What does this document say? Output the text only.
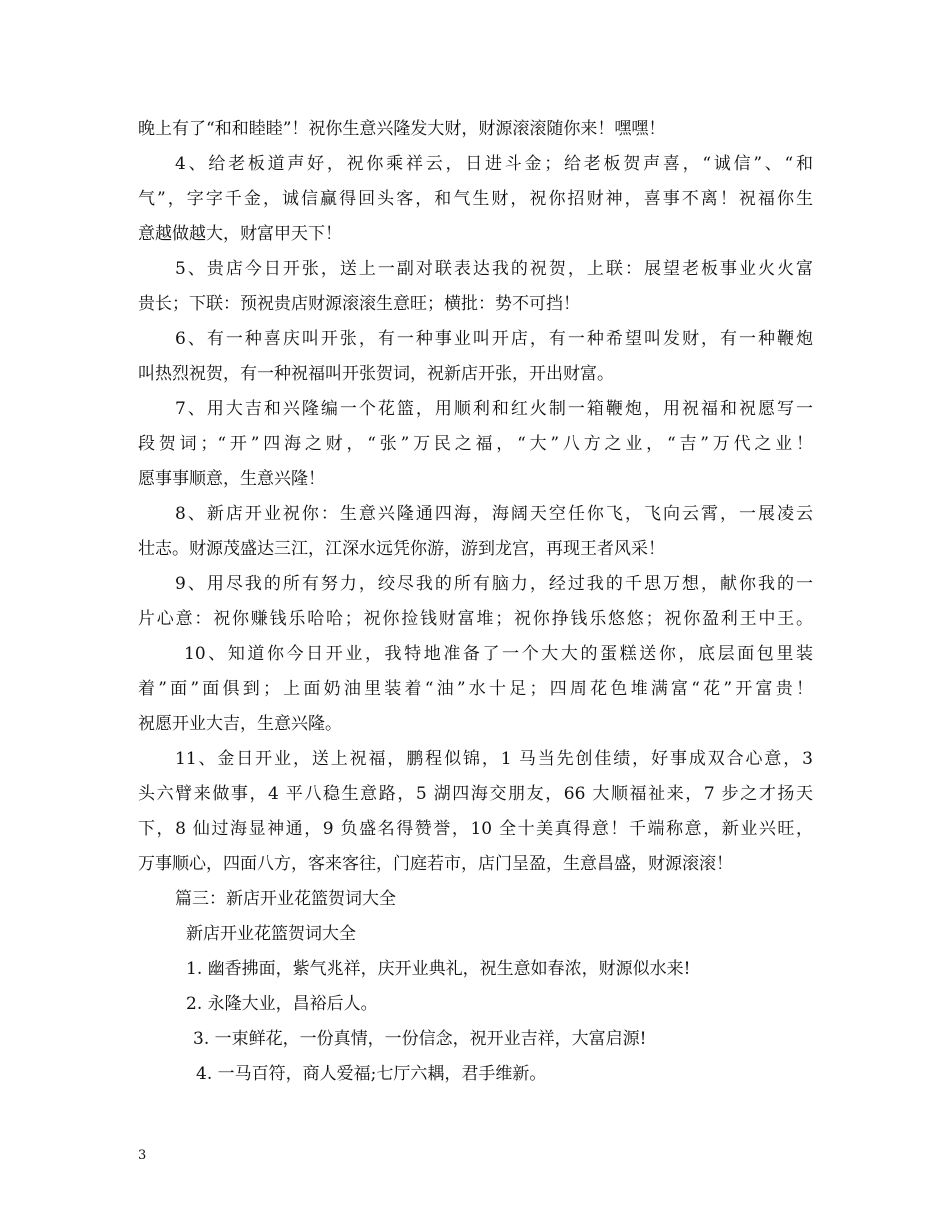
晚上有了“和和睦睦”！祝你生意兴隆发大财，财源滚滚随你来！嘿嘿！
4、给老板道声好，祝你乘祥云，日进斗金；给老板贺声喜，“诚信”、“和
气”，字字千金，诚信赢得回头客，和气生财，祝你招财神，喜事不离！祝福你生
意越做越大，财富甲天下！
5、贵店今日开张，送上一副对联表达我的祝贺，上联：展望老板事业火火富
贵长；下联：预祝贵店财源滚滚生意旺；横批：势不可挡！
6、有一种喜庆叫开张，有一种事业叫开店，有一种希望叫发财，有一种鞭炮
叫热烈祝贺，有一种祝福叫开张贺词，祝新店开张，开出财富。
7、用大吉和兴隆编一个花篮，用顺利和红火制一箱鞭炮，用祝福和祝愿写一
段贺词；“开”四海之财，“张”万民之福，“大”八方之业，“吉”万代之业！
愿事事顺意，生意兴隆！
8、新店开业祝你：生意兴隆通四海，海阔天空任你飞，飞向云霄，一展凌云
壮志。财源茂盛达三江，江深水远凭你游，游到龙宫，再现王者风采！
9、用尽我的所有努力，绞尽我的所有脑力，经过我的千思万想，献你我的一
片心意：祝你赚钱乐哈哈；祝你捡钱财富堆；祝你挣钱乐悠悠；祝你盈利王中王。
10、知道你今日开业，我特地准备了一个大大的蛋糕送你，底层面包里装
着”面”面俱到；上面奶油里装着“油”水十足；四周花色堆满富“花”开富贵！
祝愿开业大吉，生意兴隆。
11、金日开业，送上祝福，鹏程似锦，1 马当先创佳绩，好事成双合心意，3
头六臂来做事，4 平八稳生意路，5 湖四海交朋友，66 大顺福祉来，7 步之才扬天
下，8 仙过海显神通，9 负盛名得赞誉，10 全十美真得意！千端称意，新业兴旺，
万事顺心，四面八方，客来客往，门庭若市，店门呈盈，生意昌盛，财源滚滚！
篇三：新店开业花篮贺词大全
新店开业花篮贺词大全
1. 幽香拂面，紫气兆祥，庆开业典礼，祝生意如春浓，财源似水来!
2. 永隆大业，昌裕后人。
3. 一束鲜花，一份真情，一份信念，祝开业吉祥，大富启源!
4. 一马百符，商人爱福;七厅六耦，君手维新。
3
